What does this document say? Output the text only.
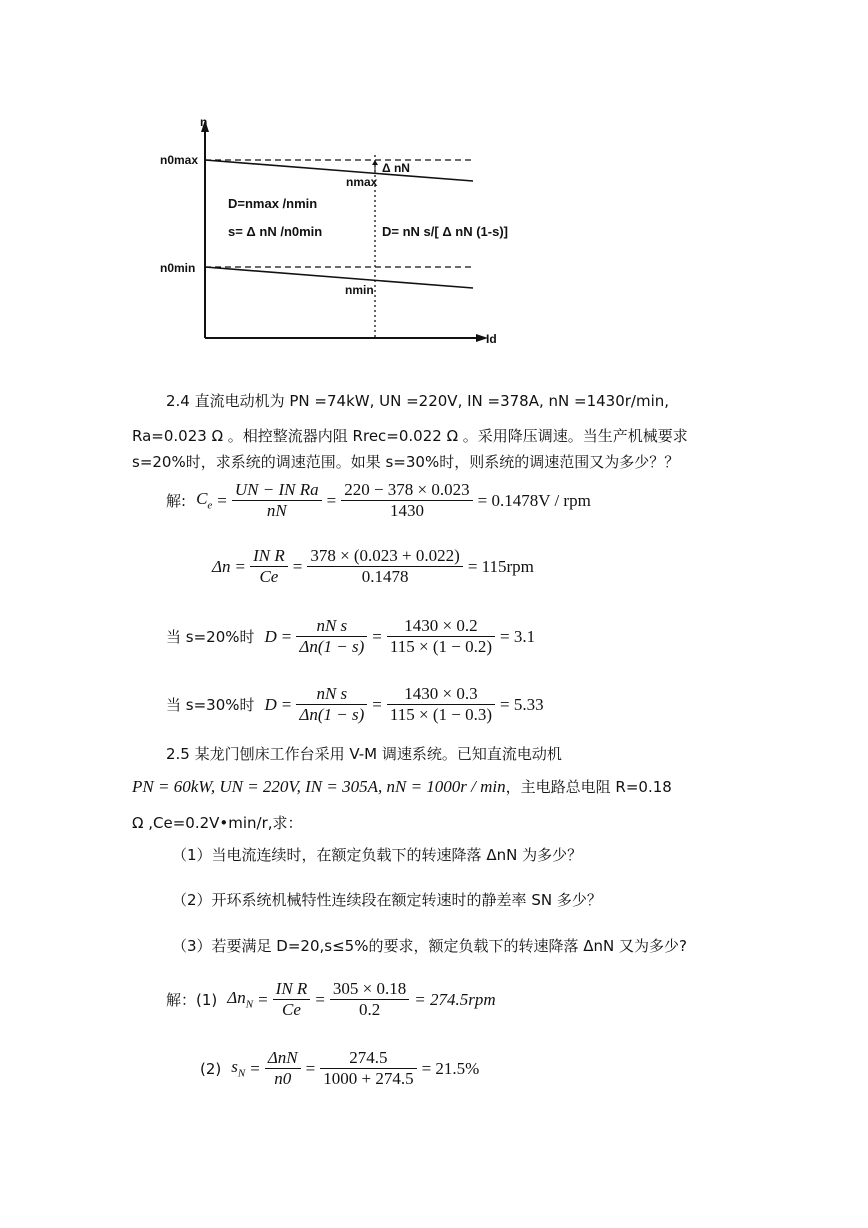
n
Id
n0max
nmax
Δ nN
n0min
nmin
D=nmax /nmin
s= Δ nN /n0min	D= nN s/[ Δ nN (1-s)]
2.4 直流电动机为 PN =74kW, UN =220V, IN =378A, nN =1430r/min,
Ra=0.023 Ω 。相控整流器内阻 Rrec=0.022 Ω 。采用降压调速。当生产机械要求
s=20%时，求系统的调速范围。如果 s=30%时，则系统的调速范围又为多少？？
解: $C_e = \frac{\text{UN − IN Ra}}{nN} = \frac{220 - 378 \times 0.023}{1430} = 0.1478V$ / rpm
$\Delta n = \frac{\text{IN R}}{Ce} = \frac{378 \times (0.023 + 0.022)}{0.1478} = 115rpm$
当 s=20%时 $D = \frac{\text{nN s}}{\Delta n(1 - s)} = \frac{1430 \times 0.2}{115 \times (1 - 0.2)} = 3.1$
当 s=30%时 $D = \frac{\text{nN s}}{\Delta n(1 - s)} = \frac{1430 \times 0.3}{115 \times (1 - 0.3)} = 5.33$
2.5 某龙门刨床工作台采用 V-M 调速系统。已知直流电动机
PN = 60kW, UN = 220V, IN = 305A, nN = 1000r / min，主电路总电阻 R=0.18
Ω ,Ce=0.2V•min/r,求：
（1）当电流连续时，在额定负载下的转速降落 ΔnN 为多少？
（2）开环系统机械特性连续段在额定转速时的静差率 SN 多少？
（3）若要满足 D=20,s≤5%的要求，额定负载下的转速降落 ΔnN 又为多少?
解：(1) $\Delta n_N = \frac{\text{IN R}}{Ce} = \frac{305 \times 0.18}{0.2} = 274.5rpm$
(2) $s_N = \frac{\text{ΔnN}}{n0} = \frac{274.5}{1000 + 274.5} = 21.5\%$
